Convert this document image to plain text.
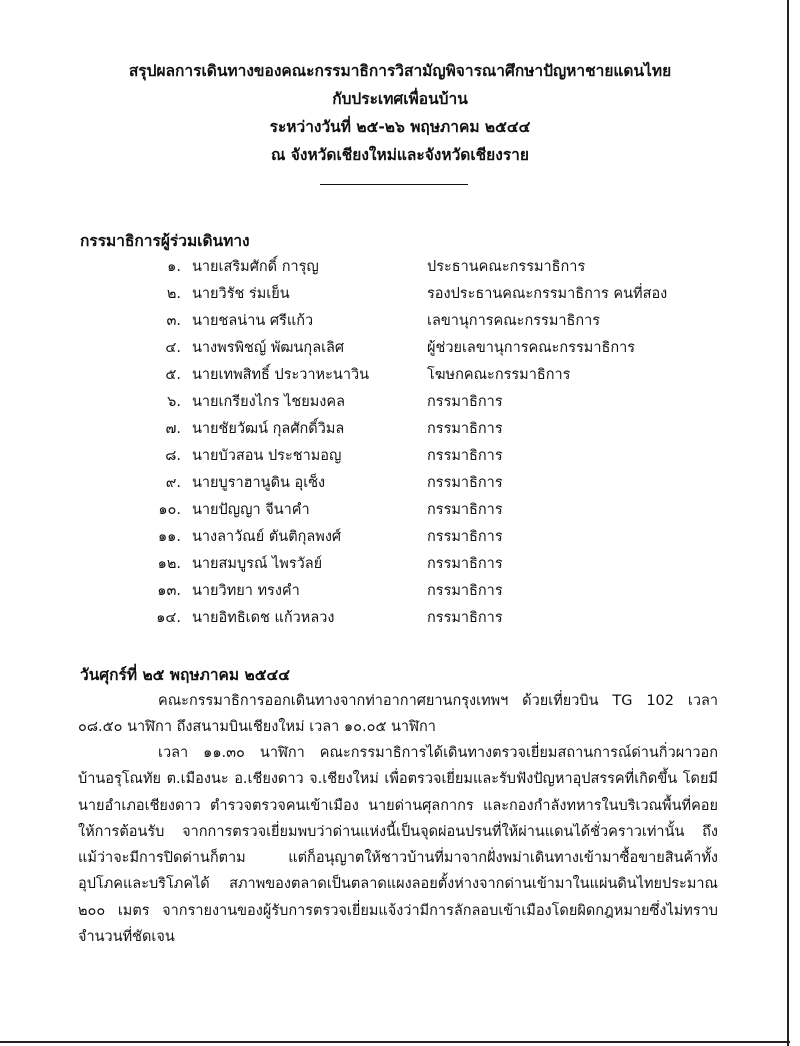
สรุปผลการเดินทางของคณะกรรมาธิการวิสามัญพิจารณาศึกษาปัญหาชายแดนไทย
กับประเทศเพื่อนบ้าน
ระหว่างวันที่ ๒๕-๒๖ พฤษภาคม ๒๕๔๔
ณ จังหวัดเชียงใหม่และจังหวัดเชียงราย
กรรมาธิการผู้ร่วมเดินทาง
๑. นายเสริมศักดิ์ การุญ	ประธานคณะกรรมาธิการ
๒. นายวิรัช ร่มเย็น	รองประธานคณะกรรมาธิการ คนที่สอง
๓. นายชลน่าน ศรีแก้ว	เลขานุการคณะกรรมาธิการ
๔. นางพรพิชญ์ พัฒนกุลเลิศ	ผู้ช่วยเลขานุการคณะกรรมาธิการ
๕. นายเทพสิทธิ์ ประวาหะนาวิน	โฆษกคณะกรรมาธิการ
๖. นายเกรียงไกร ไชยมงคล	กรรมาธิการ
๗. นายชัยวัฒน์ กุลศักดิ์วิมล	กรรมาธิการ
๘. นายบัวสอน ประชามอญ	กรรมาธิการ
๙. นายบูราฮานูดิน อุเซ็ง	กรรมาธิการ
๑๐. นายปัญญา จีนาคำ	กรรมาธิการ
๑๑. นางลาวัณย์ ตันติกุลพงศ์	กรรมาธิการ
๑๒. นายสมบูรณ์ ไพรวัลย์	กรรมาธิการ
๑๓. นายวิทยา ทรงคำ	กรรมาธิการ
๑๔. นายอิทธิเดช แก้วหลวง	กรรมาธิการ
วันศุกร์ที่ ๒๕ พฤษภาคม ๒๕๔๔

คณะกรรมาธิการออกเดินทางจากท่าอากาศยานกรุงเทพฯ ด้วยเที่ยวบิน TG 102 เวลา ๐๘.๕๐ นาฬิกา ถึงสนามบินเชียงใหม่ เวลา ๑๐.๐๕ นาฬิกา

เวลา ๑๑.๓๐ นาฬิกา คณะกรรมาธิการได้เดินทางตรวจเยี่ยมสถานการณ์ด่านกิ่วผาวอก บ้านอรุโณทัย ต.เมืองนะ อ.เชียงดาว จ.เชียงใหม่ เพื่อตรวจเยี่ยมและรับฟังปัญหาอุปสรรคที่เกิดขึ้น โดยมีนายอำเภอเชียงดาว ตำรวจตรวจคนเข้าเมือง นายด่านศุลกากร และกองกำลังทหารในบริเวณพื้นที่คอยให้การต้อนรับ จากการตรวจเยี่ยมพบว่าด่านแห่งนี้เป็นจุดผ่อนปรนที่ให้ผ่านแดนได้ชั่วคราวเท่านั้น ถึงแม้ว่าจะมีการปิดด่านก็ตาม แต่ก็อนุญาตให้ชาวบ้านที่มาจากฝั่งพม่าเดินทางเข้ามาซื้อขายสินค้าทั้งอุปโภคและบริโภคได้ สภาพของตลาดเป็นตลาดแผงลอยตั้งห่างจากด่านเข้ามาในแผ่นดินไทยประมาณ ๒๐๐ เมตร จากรายงานของผู้รับการตรวจเยี่ยมแจ้งว่ามีการลักลอบเข้าเมืองโดยผิดกฎหมายซึ่งไม่ทราบจำนวนที่ชัดเจน
